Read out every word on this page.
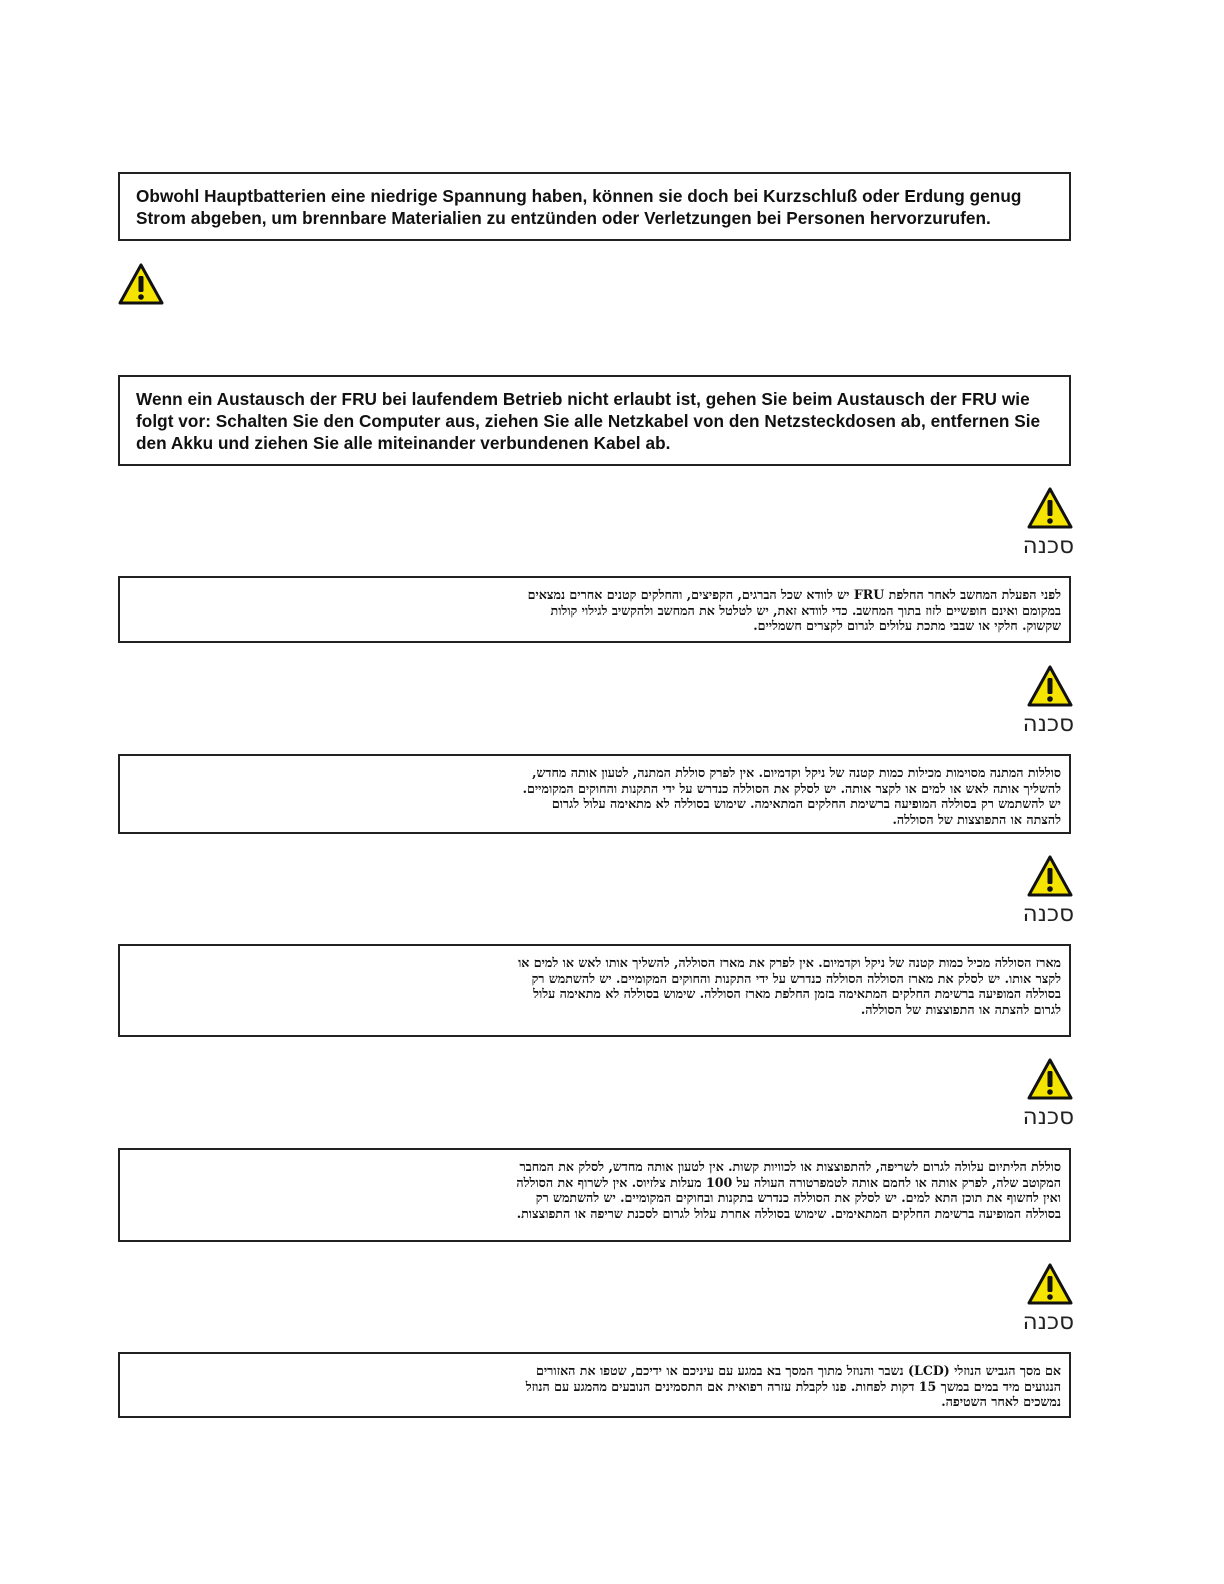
Obwohl Hauptbatterien eine niedrige Spannung haben, können sie doch bei Kurzschluß oder Erdung genug Strom abgeben, um brennbare Materialien zu entzünden oder Verletzungen bei Personen hervorzurufen.
Wenn ein Austausch der FRU bei laufendem Betrieb nicht erlaubt ist, gehen Sie beim Austausch der FRU wie folgt vor: Schalten Sie den Computer aus, ziehen Sie alle Netzkabel von den Netzsteckdosen ab, entfernen Sie den Akku und ziehen Sie alle miteinander verbundenen Kabel ab.
סכנה

לפני הפעלת המחשב לאחר החלפת FRU יש לוודא שכל הברגים, הקפיצים, והחלקים קטנים אחרים נמצאים במקומם ואינם חופשיים לזוז בתוך המחשב. כדי לוודא זאת, יש לטלטל את המחשב ולהקשיב לגילוי קולות שקשוק. חלקי או שבבי מתכת עלולים לגרום לקצרים חשמליים.

סכנה

סוללות המתנה מסוימות מכילות כמות קטנה של ניקל וקדמיום. אין לפרק סוללת המתנה, לטעון אותה מחדש, להשליך אותה לאש או למים או לקצר אותה. יש לסלק את הסוללה כנדרש על ידי התקנות והחוקים המקומיים. יש להשתמש רק בסוללה המופיעה ברשימת החלקים המתאימה. שימוש בסוללה לא מתאימה עלול לגרום להצתה או התפוצצות של הסוללה.

סכנה

מארז הסוללה מכיל כמות קטנה של ניקל וקדמיום. אין לפרק את מארז הסוללה, להשליך אותו לאש או למים או לקצר אותו. יש לסלק את מארז הסוללה הסוללה כנדרש על ידי התקנות והחוקים המקומיים. יש להשתמש רק בסוללה המופיעה ברשימת החלקים המתאימה בזמן החלפת מארז הסוללה. שימוש בסוללה לא מתאימה עלול לגרום להצתה או התפוצצות של הסוללה.

סכנה

סוללת הליתיום עלולה לגרום לשריפה, להתפוצצות או לכוויות קשות. אין לטעון אותה מחדש, לסלק את המחבר המקוטב שלה, לפרק אותה או לחמם אותה לטמפרטורה העולה על 100 מעלות צלזיוס. אין לשרוף את הסוללה ואין לחשוף את תוכן התא למים. יש לסלק את הסוללה כנדרש בתקנות ובחוקים המקומיים. יש להשתמש רק בסוללה המופיעה ברשימת החלקים המתאימים. שימוש בסוללה אחרת עלול לגרום לסכנת שריפה או התפוצצות.

סכנה

אם מסך הגביש הנוזלי (LCD) נשבר והנוזל מתוך המסך בא במגע עם עיניכם או ידיכם, שטפו את האזורים הנגועים מיד במים במשך 15 דקות לפחות. פנו לקבלת עזרה רפואית אם התסמינים הנובעים מהמגע עם הנוזל נמשכים לאחר השטיפה.
